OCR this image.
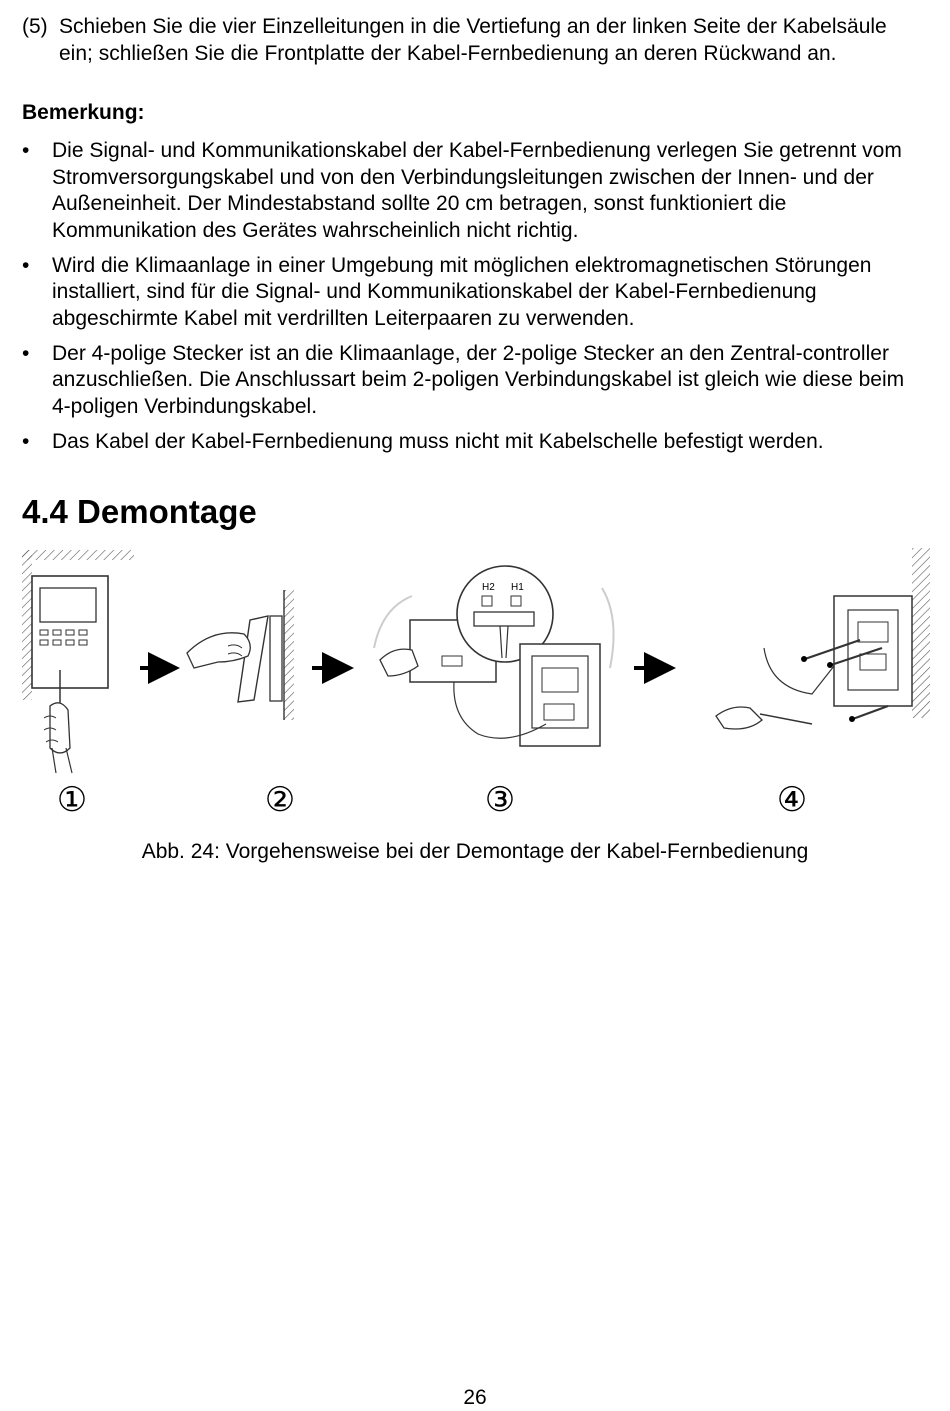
(5) Schieben Sie die vier Einzelleitungen in die Vertiefung an der linken Seite der Kabelsäule ein; schließen Sie die Frontplatte der Kabel-Fernbedienung an deren Rückwand an.

Bemerkung:

• Die Signal- und Kommunikationskabel der Kabel-Fernbedienung verlegen Sie getrennt vom Stromversorgungskabel und von den Verbindungsleitungen zwischen der Innen- und der Außeneinheit. Der Mindestabstand sollte 20 cm betragen, sonst funktioniert die Kommunikation des Gerätes wahrscheinlich nicht richtig.
• Wird die Klimaanlage in einer Umgebung mit möglichen elektromagnetischen Störungen installiert, sind für die Signal- und Kommunikationskabel der Kabel-Fernbedienung abgeschirmte Kabel mit verdrillten Leiterpaaren zu verwenden.
• Der 4-polige Stecker ist an die Klimaanlage, der 2-polige Stecker an den Zentral-controller anzuschließen. Die Anschlussart beim 2-poligen Verbindungskabel ist gleich wie diese beim 4-poligen Verbindungskabel.
• Das Kabel der Kabel-Fernbedienung muss nicht mit Kabelschelle befestigt werden.
4.4 Demontage
H2 H1
①	②	③	④

Abb. 24: Vorgehensweise bei der Demontage der Kabel-Fernbedienung

26
